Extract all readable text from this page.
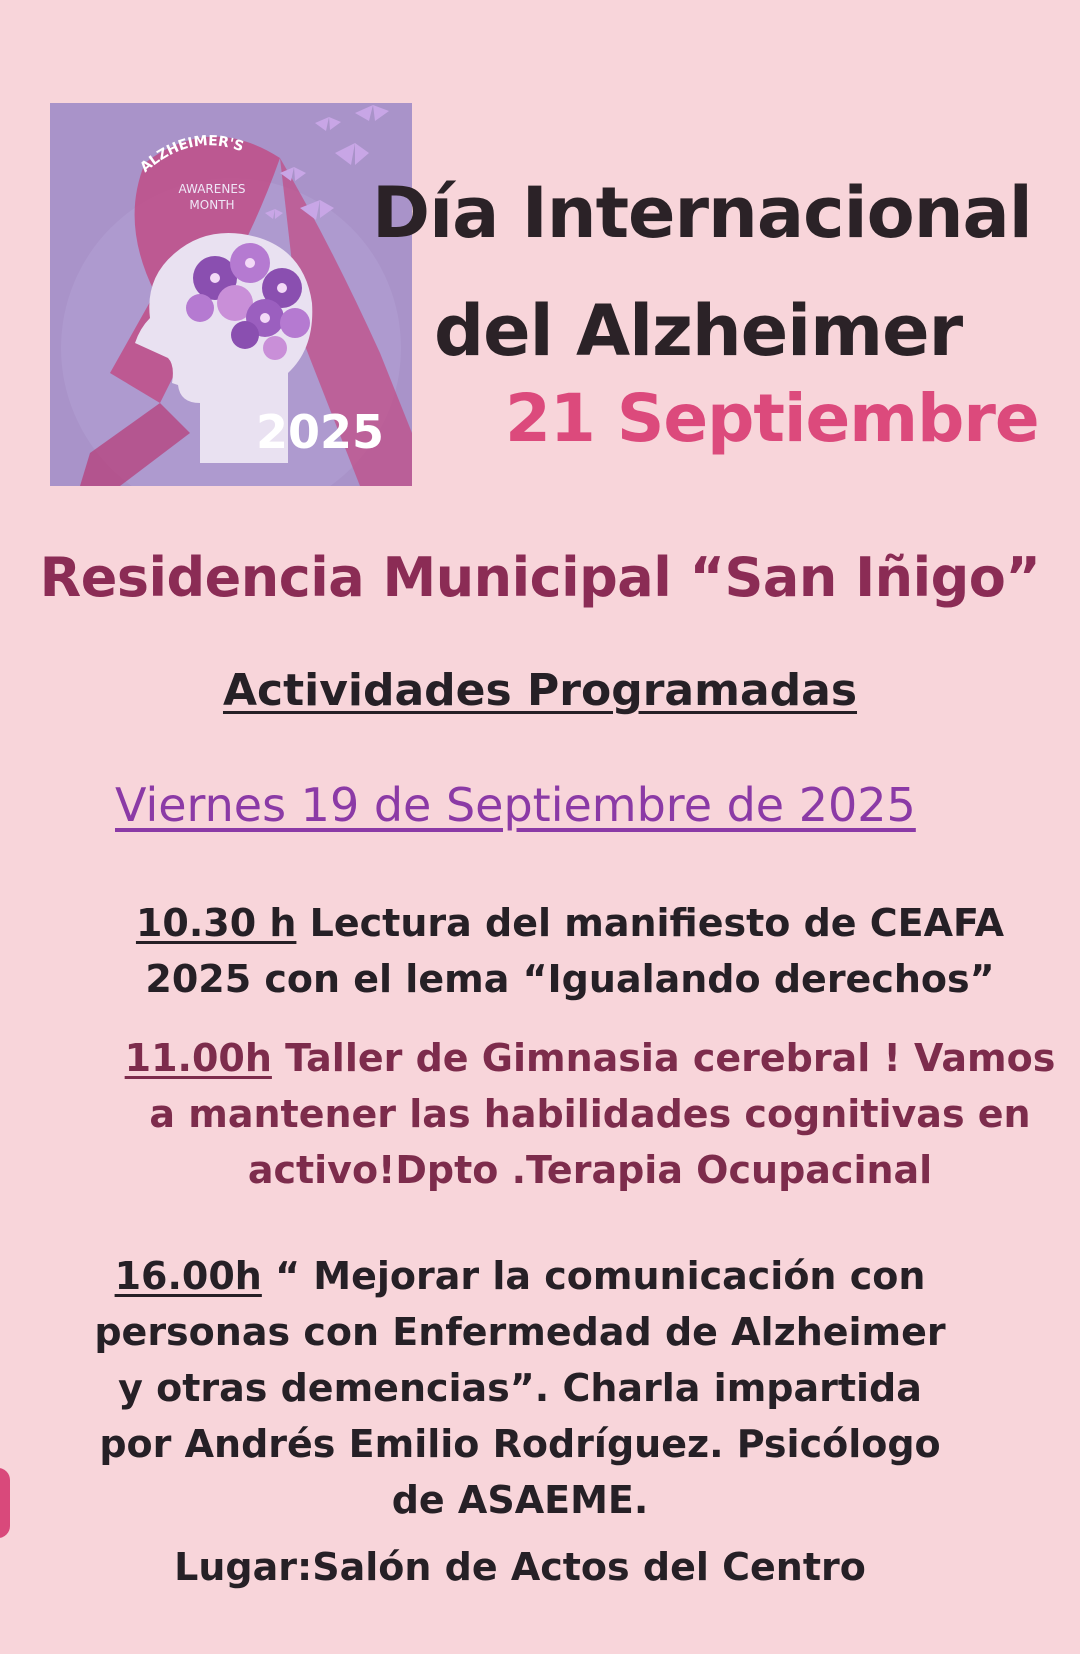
ALZHEIMER'S
AWARENES
MONTH
2025
Día Internacional
del Alzheimer
21 Septiembre
Residencia Municipal “San Iñigo”
Actividades Programadas
Viernes 19 de Septiembre de 2025
10.30 h Lectura del manifiesto de CEAFA
2025 con el lema “Igualando derechos”
11.00h Taller de Gimnasia cerebral ! Vamos
a mantener las habilidades cognitivas en
activo!Dpto .Terapia Ocupacinal
16.00h “ Mejorar la comunicación con
personas con Enfermedad de Alzheimer
y otras demencias”. Charla impartida
por Andrés Emilio Rodríguez. Psicólogo
de ASAEME.
Lugar:Salón de Actos del Centro
